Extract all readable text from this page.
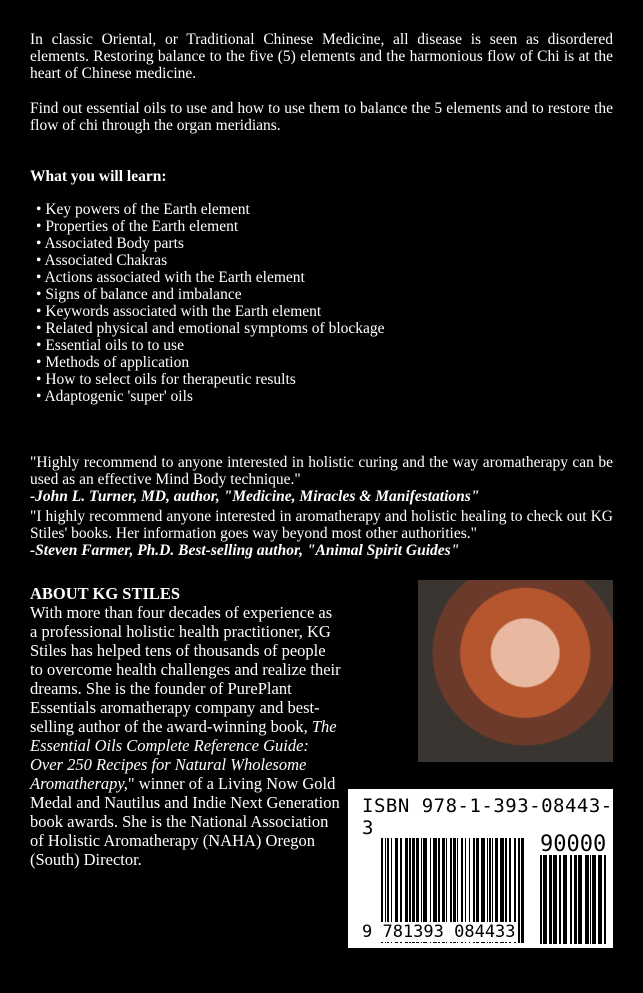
In classic Oriental, or Traditional Chinese Medicine, all disease is seen as disordered elements. Restoring balance to the five (5) elements and the harmonious flow of Chi is at the heart of Chinese medicine.

Find out essential oils to use and how to use them to balance the 5 elements and to restore the flow of chi through the organ meridians.

What you will learn:

• Key powers of the Earth element
• Properties of the Earth element
• Associated Body parts
• Associated Chakras
• Actions associated with the Earth element
• Signs of balance and imbalance
• Keywords associated with the Earth element
• Related physical and emotional symptoms of blockage
• Essential oils to to use
• Methods of application
• How to select oils for therapeutic results
• Adaptogenic 'super' oils
"Highly recommend to anyone interested in holistic curing and the way aromatherapy can be used as an effective Mind Body technique."
-John L. Turner, MD, author, "Medicine, Miracles & Manifestations"
"I highly recommend anyone interested in aromatherapy and holistic healing to check out KG Stiles' books. Her information goes way beyond most other authorities."
-Steven Farmer, Ph.D. Best-selling author, "Animal Spirit Guides"
ABOUT KG STILES
With more than four decades of experience as a professional holistic health practitioner, KG Stiles has helped tens of thousands of people to overcome health challenges and realize their dreams. She is the founder of PurePlant Essentials aromatherapy company and best-selling author of the award-winning book, The Essential Oils Complete Reference Guide: Over 250 Recipes for Natural Wholesome Aromatherapy," winner of a Living Now Gold Medal and Nautilus and Indie Next Generation book awards. She is the National Association of Holistic Aromatherapy (NAHA) Oregon (South) Director.
ISBN 978-1-393-08443-3
90000
9 781393 084433
